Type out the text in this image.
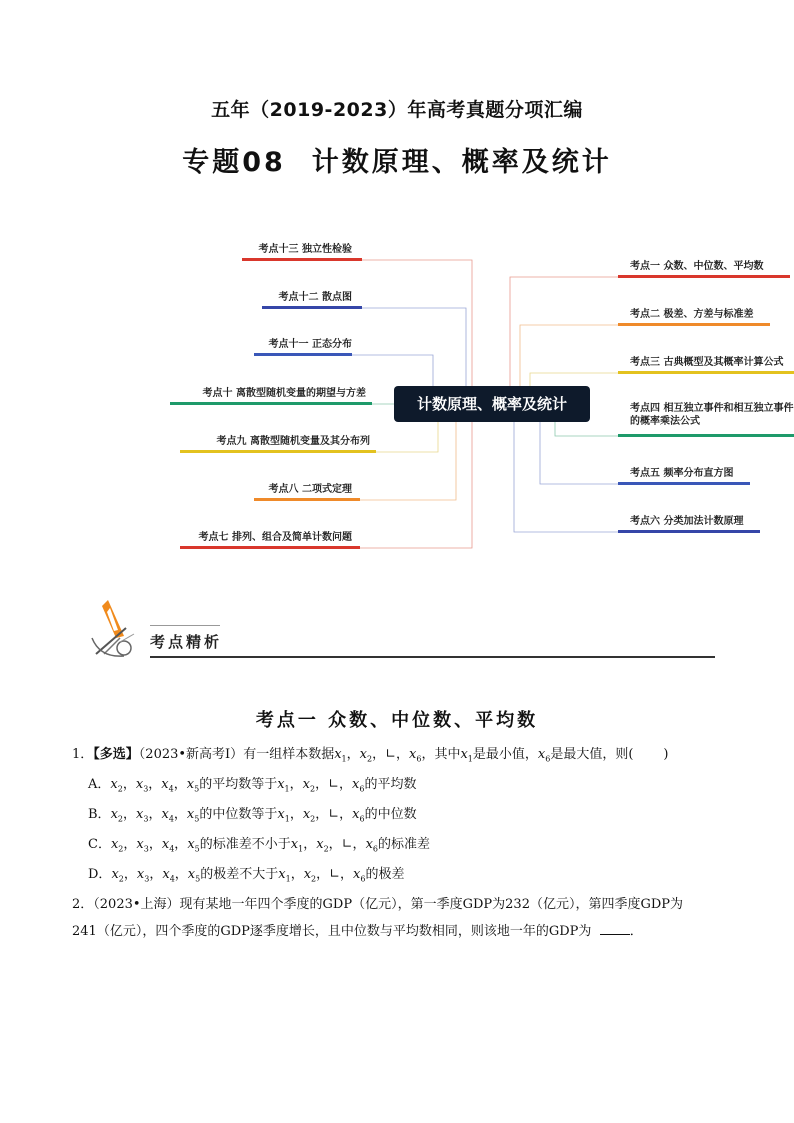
五年（2019-2023）年高考真题分项汇编
专题08 计数原理、概率及统计
考点十三 独立性检验
考点十二 散点图
考点十一 正态分布
考点十 离散型随机变量的期望与方差
考点九 离散型随机变量及其分布列
考点八 二项式定理
考点七 排列、组合及简单计数问题
计数原理、概率及统计
考点一 众数、中位数、平均数
考点二 极差、方差与标准差
考点三 古典概型及其概率计算公式
考点四 相互独立事件和相互独立事件
的概率乘法公式
考点五 频率分布直方图
考点六 分类加法计数原理
考点精析
考点一 众数、中位数、平均数
1．【多选】（2023•新高考Ⅰ）有一组样本数据$x_1$，$x_2$，∟，$x_6$，其中$x_1$是最小值，$x_6$是最大值，则( )
A．$x_2$，$x_3$，$x_4$，$x_5$的平均数等于$x_1$，$x_2$，∟，$x_6$的平均数
B．$x_2$，$x_3$，$x_4$，$x_5$的中位数等于$x_1$，$x_2$，∟，$x_6$的中位数
C．$x_2$，$x_3$，$x_4$，$x_5$的标准差不小于$x_1$，$x_2$，∟，$x_6$的标准差
D．$x_2$，$x_3$，$x_4$，$x_5$的极差不大于$x_1$，$x_2$，∟，$x_6$的极差
2．（2023•上海）现有某地一年四个季度的GDP（亿元），第一季度GDP为232（亿元），第四季度GDP为
241（亿元），四个季度的GDP逐季度增长，且中位数与平均数相同，则该地一年的GDP为	．
